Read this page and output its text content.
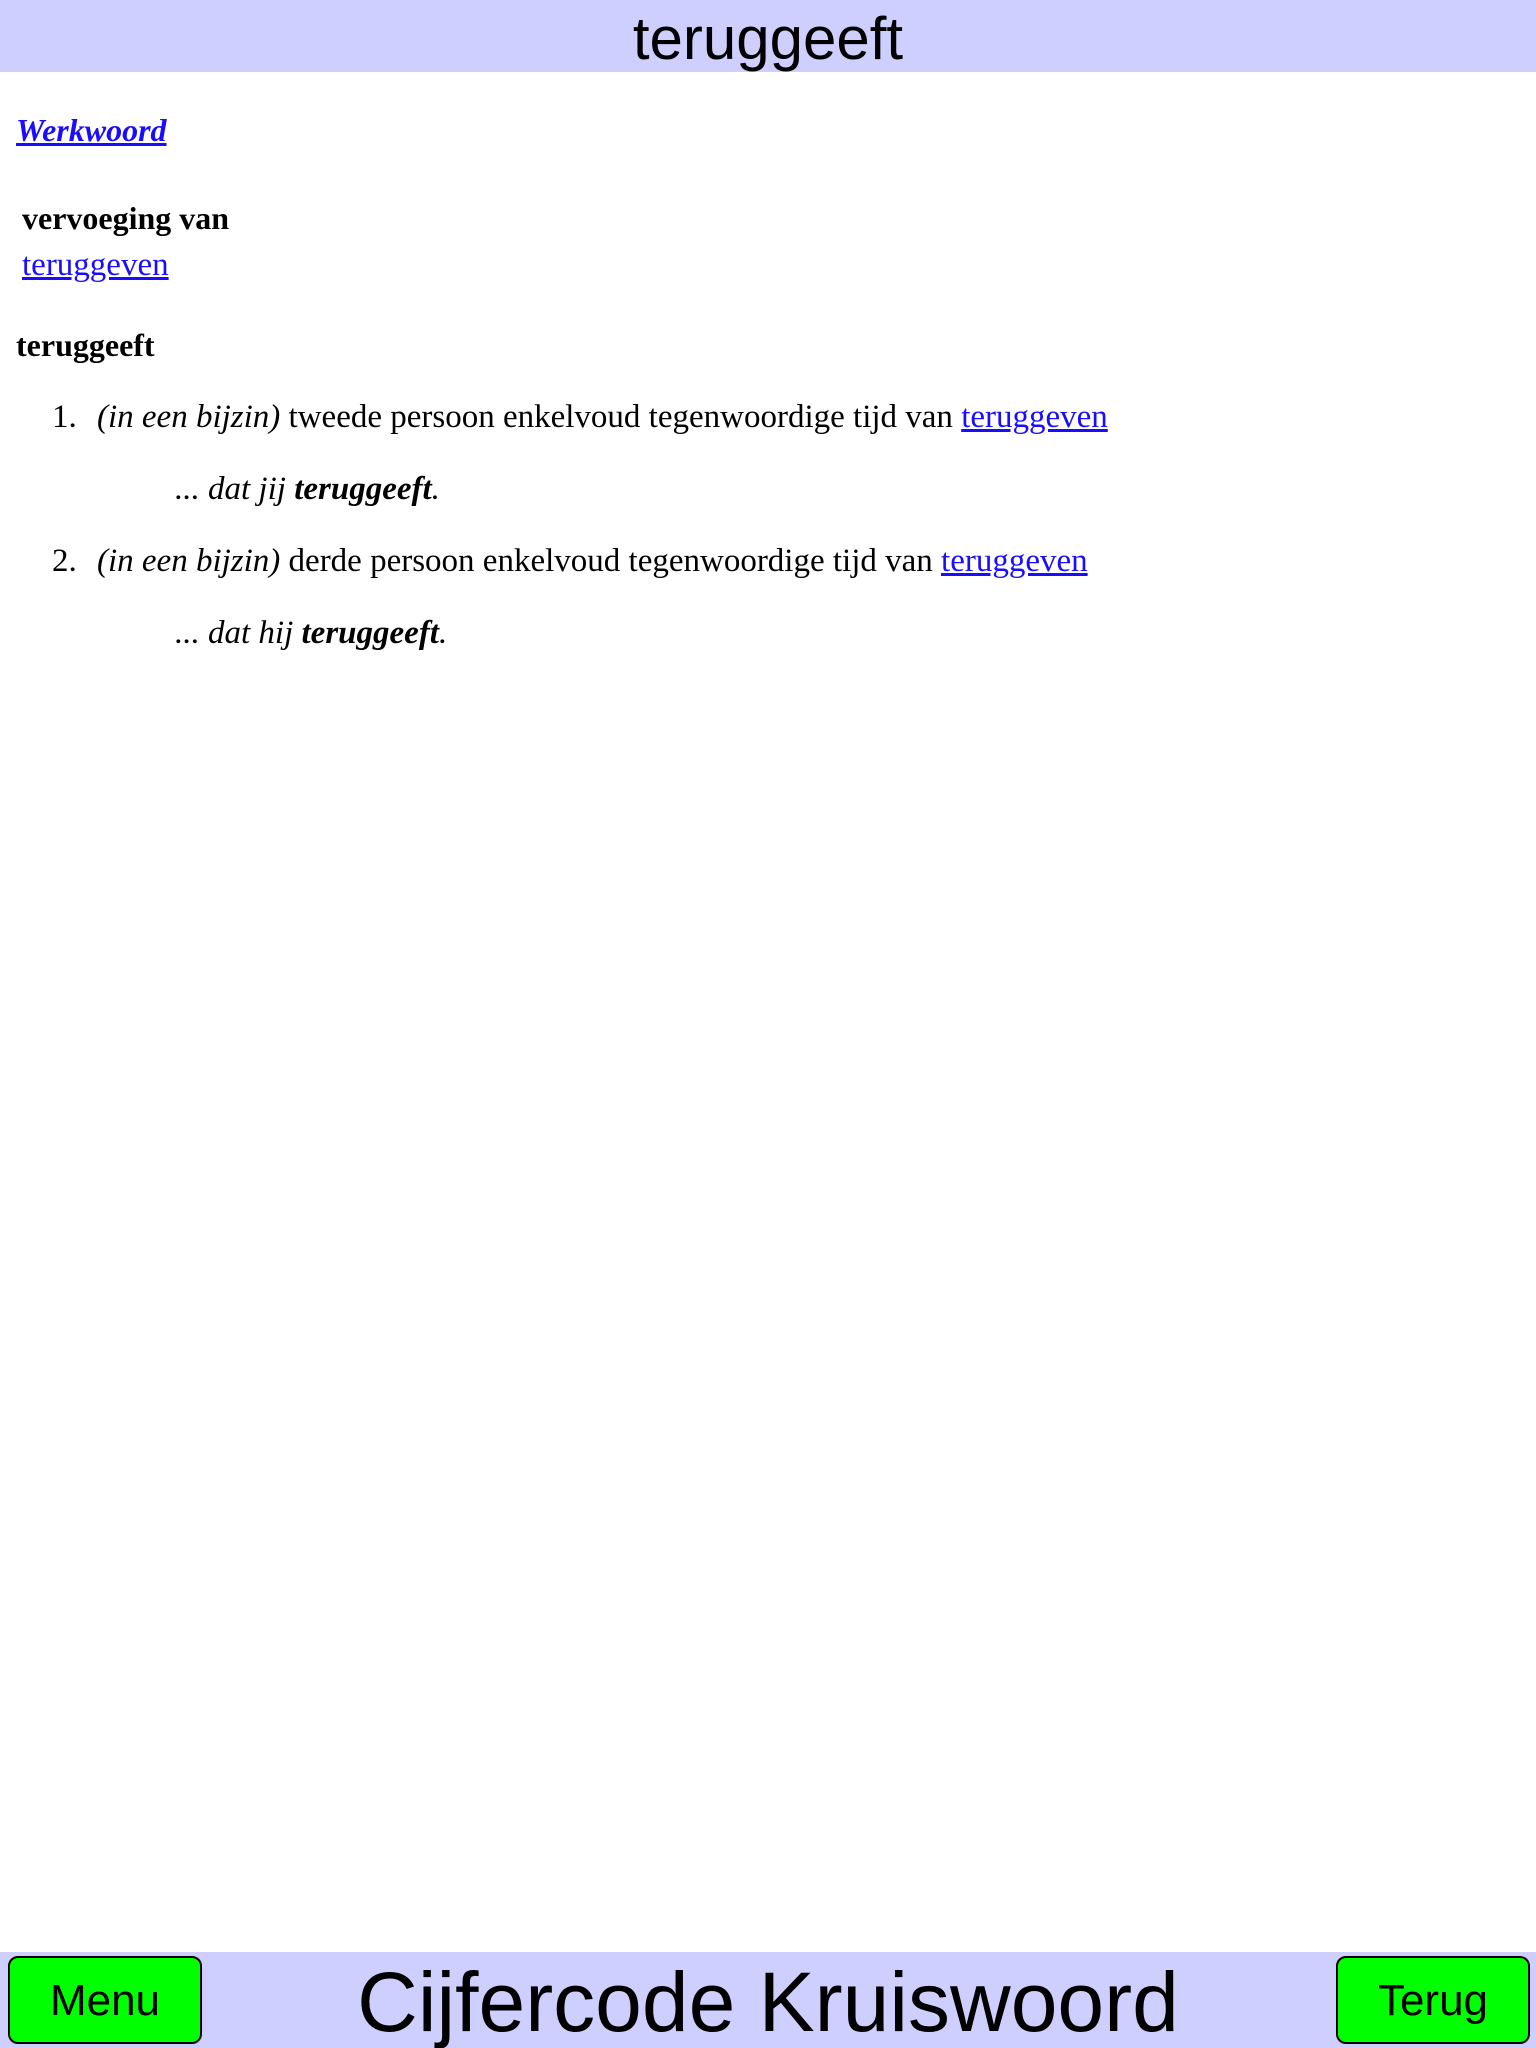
teruggeeft
Werkwoord
vervoeging van
teruggeven
teruggeeft
1. (in een bijzin) tweede persoon enkelvoud tegenwoordige tijd van teruggeven
... dat jij teruggeeft.
2. (in een bijzin) derde persoon enkelvoud tegenwoordige tijd van teruggeven
... dat hij teruggeeft.
Cijfercode Kruiswoord
Menu	Terug
